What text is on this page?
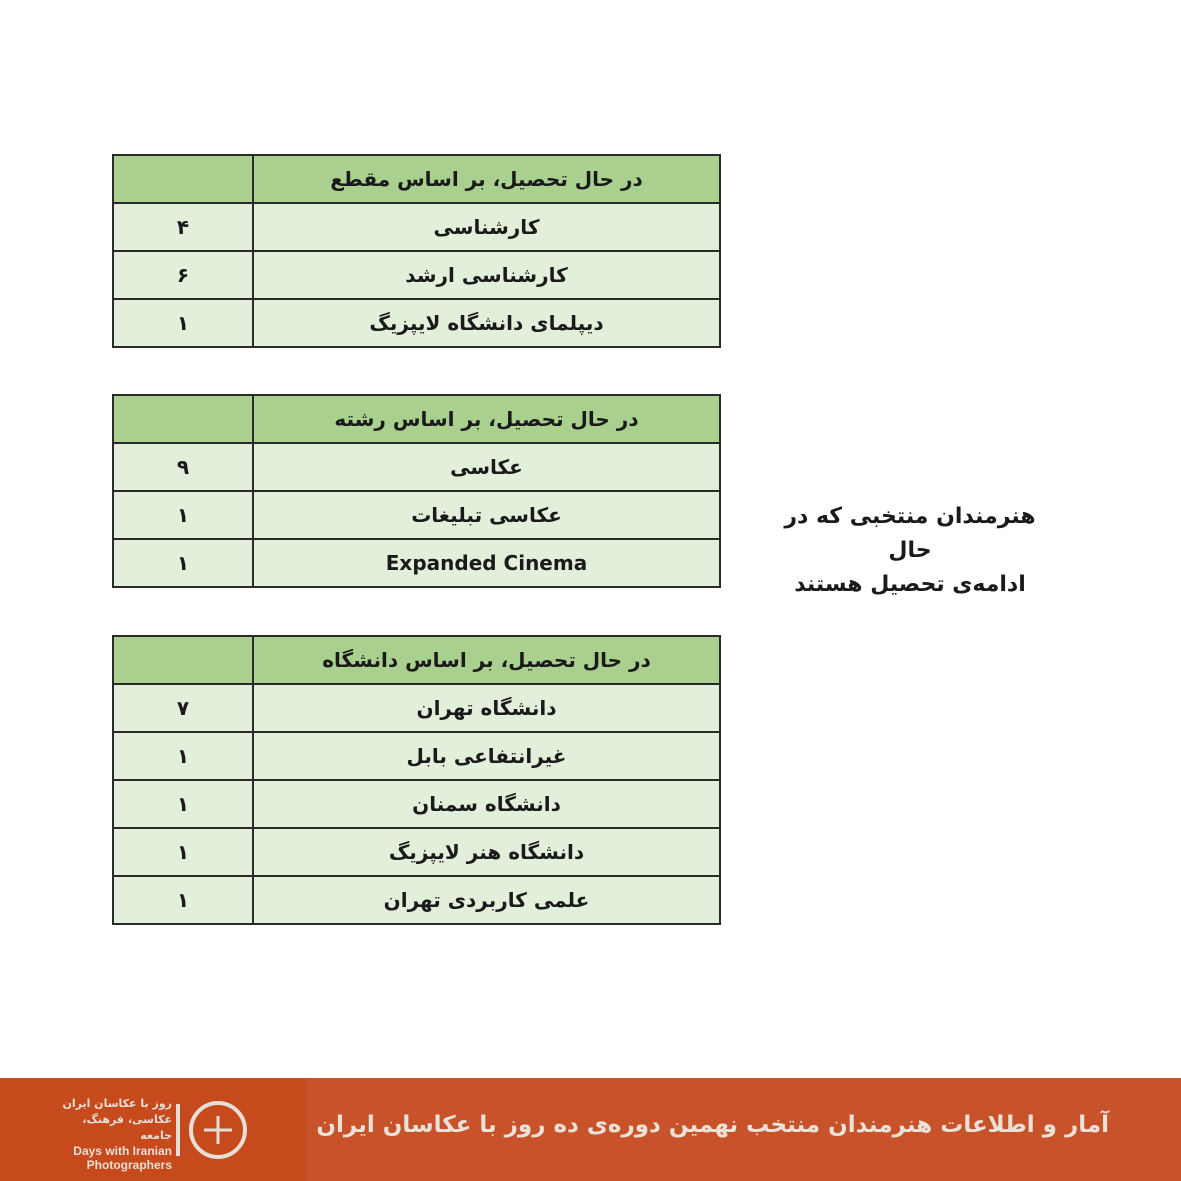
	در حال تحصیل، بر اساس مقطع
۴	کارشناسی
۶	کارشناسی ارشد
۱	دیپلمای دانشگاه لایپزیگ
	در حال تحصیل، بر اساس رشته
۹	عکاسی
۱	عکاسی تبلیغات
۱	Expanded Cinema
	در حال تحصیل، بر اساس دانشگاه
۷	دانشگاه تهران
۱	غیرانتفاعی بابل
۱	دانشگاه سمنان
۱	دانشگاه هنر لایپزیگ
۱	علمی کاربردی تهران
هنرمندان منتخبی که در حال
ادامه‌ی تحصیل هستند
روز با عکاسان ایران
عکاسی، فرهنگ، جامعه
Days with Iranian
Photographers
آمار و اطلاعات هنرمندان منتخب نهمین دوره‌ی ده روز با عکاسان ایران
